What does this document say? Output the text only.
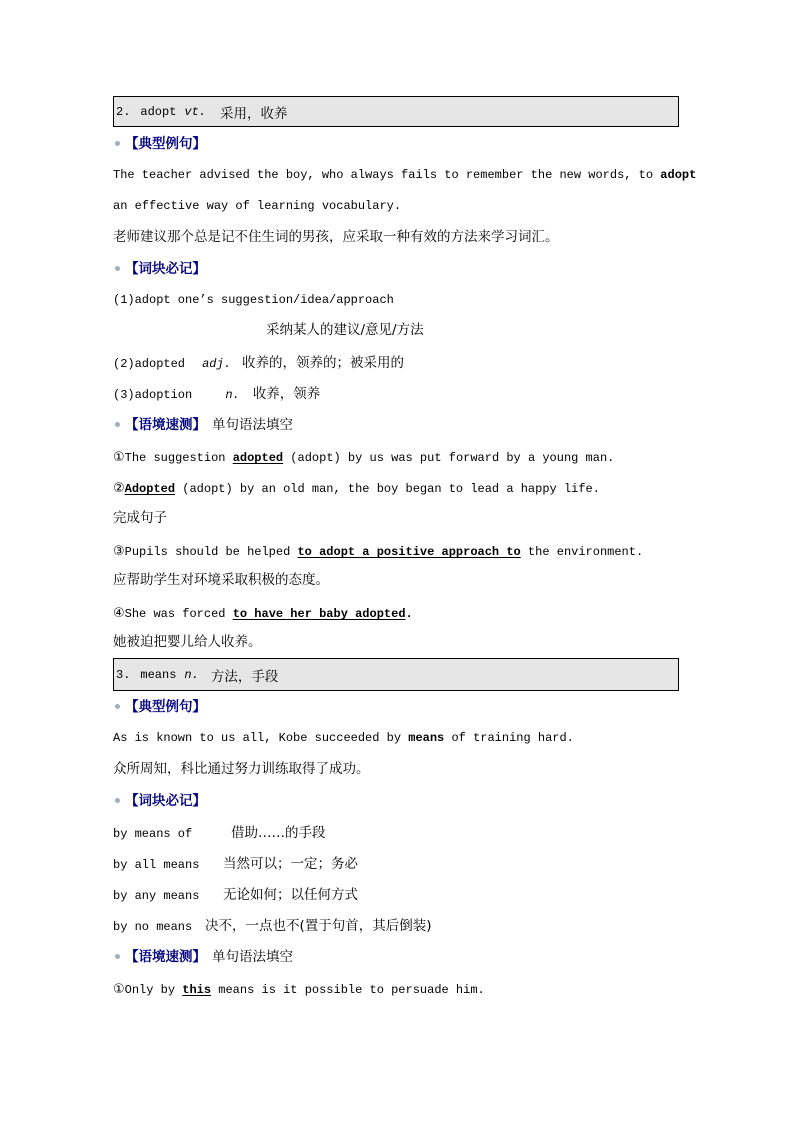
2. adopt vt. 采用，收养
【典型例句】
The teacher advised the boy, who always fails to remember the new words, to adopt
an effective way of learning vocabulary.
老师建议那个总是记不住生词的男孩，应采取一种有效的方法来学习词汇。
【词块必记】
(1)adopt one’s suggestion/idea/approach
采纳某人的建议/意见/方法
(2)adopted adj. 收养的，领养的；被采用的
(3)adoption	n. 收养，领养
【语境速测】 单句语法填空
①The suggestion adopted (adopt) by us was put forward by a young man.
②Adopted (adopt) by an old man, the boy began to lead a happy life.
完成句子
③Pupils should be helped to adopt a positive approach to the environment.
应帮助学生对环境采取积极的态度。
④She was forced to have her baby adopted.
她被迫把婴儿给人收养。
3. means n. 方法，手段
【典型例句】
As is known to us all, Kobe succeeded by means of training hard.
众所周知，科比通过努力训练取得了成功。
【词块必记】
by means of	借助……的手段
by all means 当然可以；一定；务必
by any means 无论如何；以任何方式
by no means 决不，一点也不(置于句首，其后倒装)
【语境速测】 单句语法填空
①Only by this means is it possible to persuade him.
